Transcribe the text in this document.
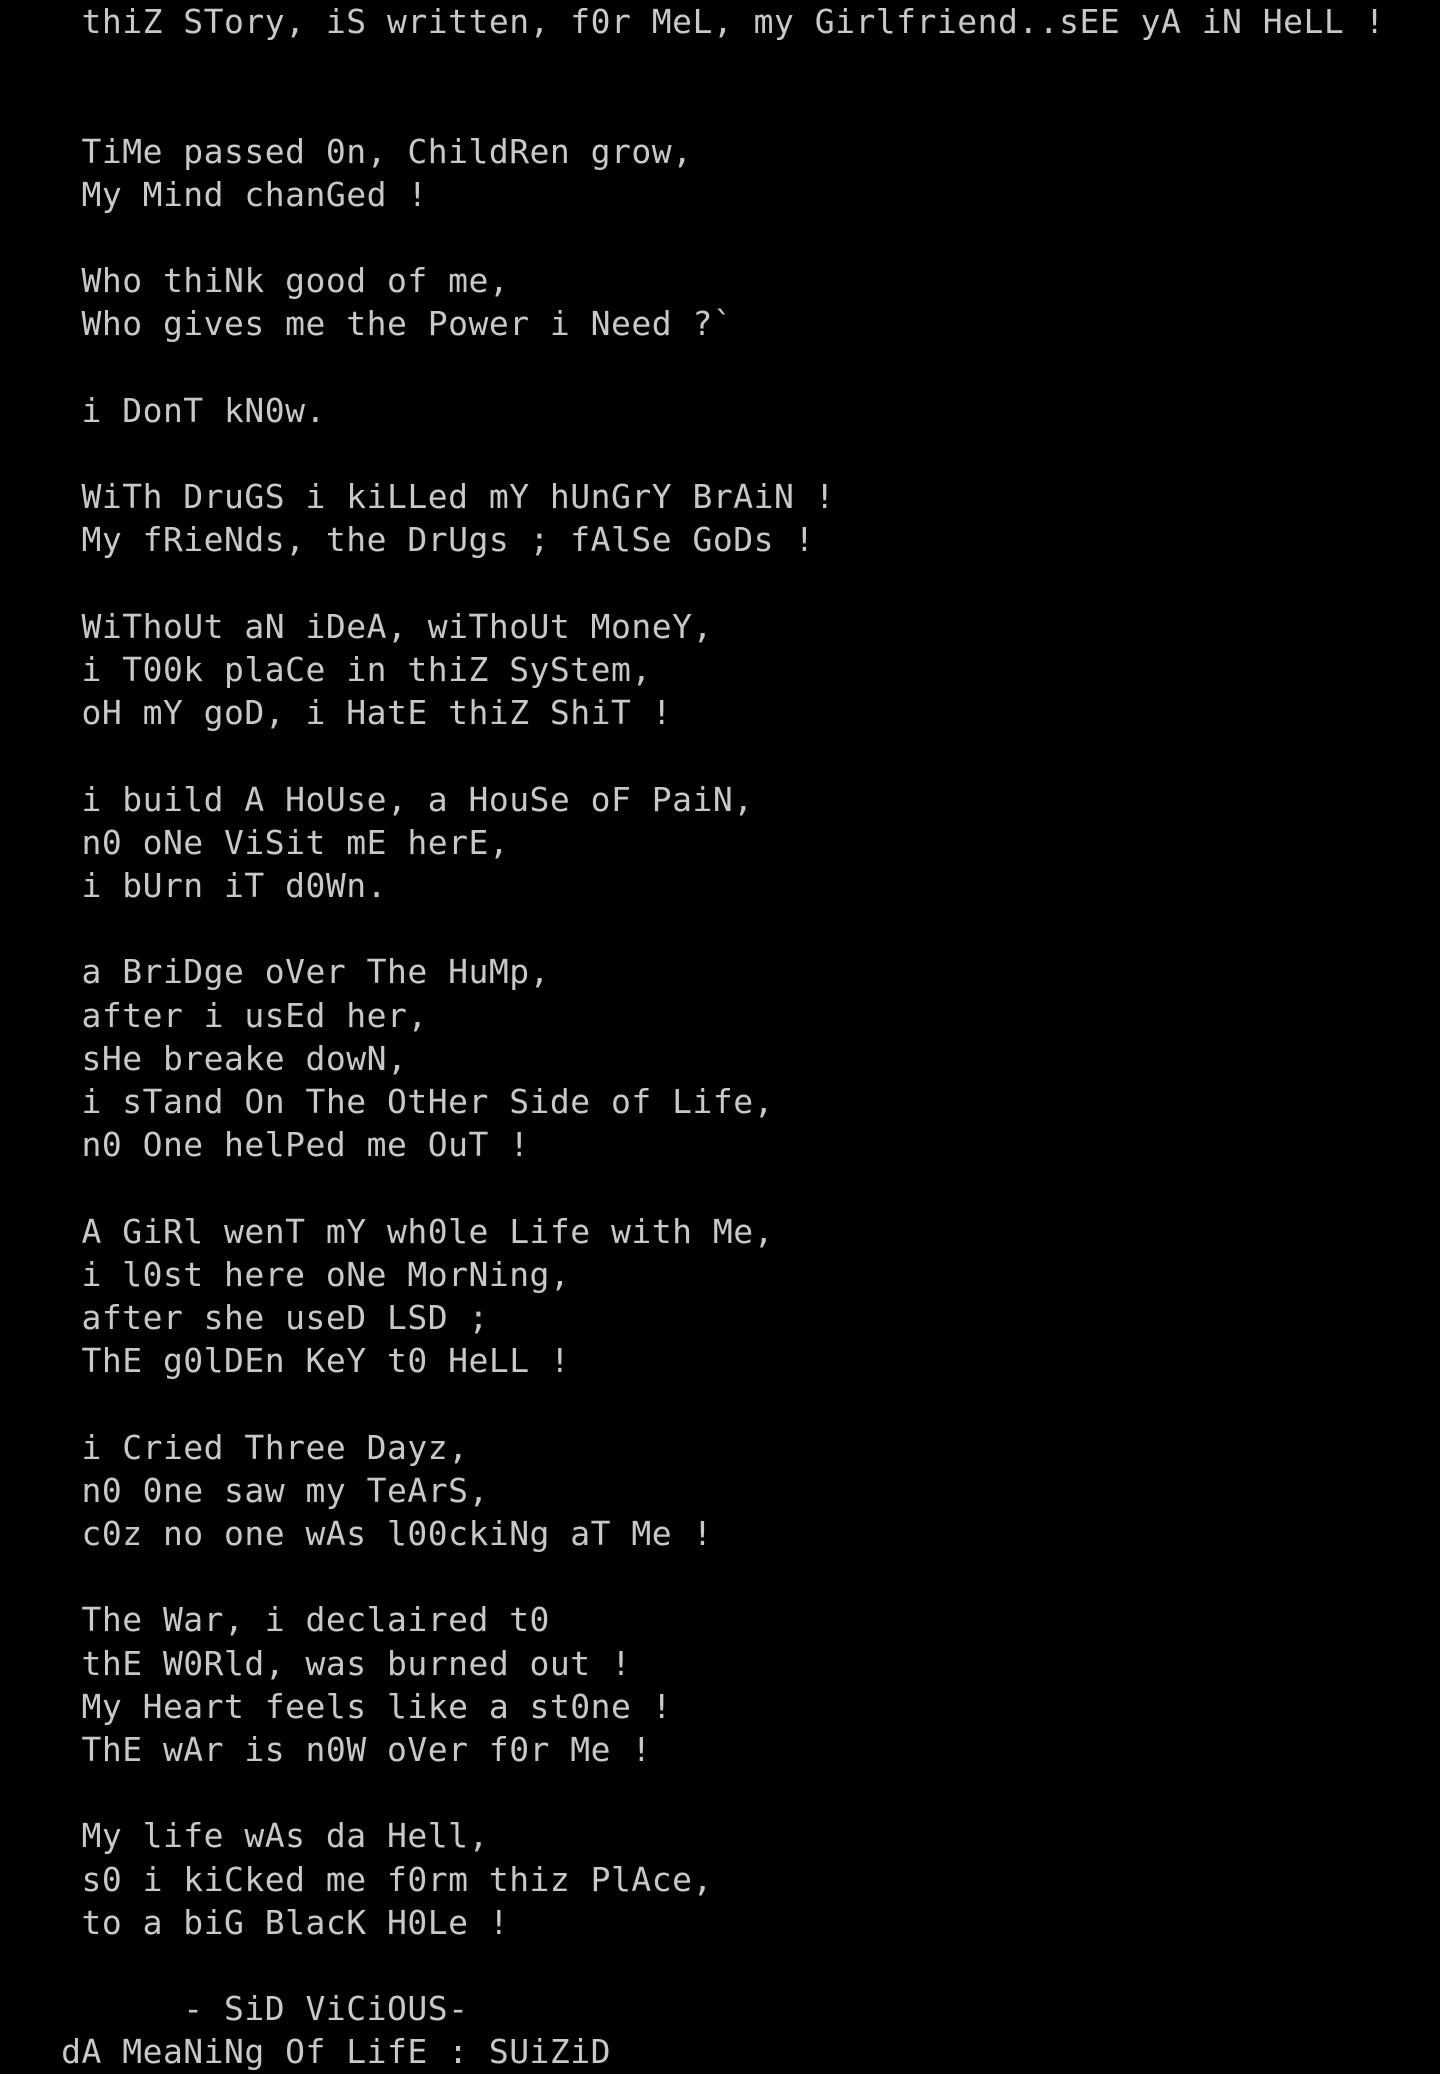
thiZ STory, iS written, f0r MeL, my Girlfriend..sEE yA iN HeLL !
TiMe passed 0n, ChildRen grow,
My Mind chanGed !
Who thiNk good of me,
Who gives me the Power i Need ?`
i DonT kN0w.
WiTh DruGS i kiLLed mY hUnGrY BrAiN !
My fRieNds, the DrUgs ; fAlSe GoDs !
WiThoUt aN iDeA, wiThoUt MoneY,
i T00k plaCe in thiZ SyStem,
oH mY goD, i HatE thiZ ShiT !
i build A HoUse, a HouSe oF PaiN,
n0 oNe ViSit mE herE,
i bUrn iT d0Wn.
a BriDge oVer The HuMp,
after i usEd her,
sHe breake dowN,
i sTand On The OtHer Side of Life,
n0 One helPed me OuT !
A GiRl wenT mY wh0le Life with Me,
i l0st here oNe MorNing,
after she useD LSD ;
ThE g0lDEn KeY t0 HeLL !
i Cried Three Dayz,
n0 0ne saw my TeArS,
c0z no one wAs l00ckiNg aT Me !
The War, i declaired t0
thE W0Rld, was burned out !
My Heart feels like a st0ne !
ThE wAr is n0W oVer f0r Me !
My life wAs da Hell,
s0 i kiCked me f0rm thiz PlAce,
to a biG BlacK H0Le !
- SiD ViCiOUS-
dA MeaNiNg Of LifE : SUiZiD
